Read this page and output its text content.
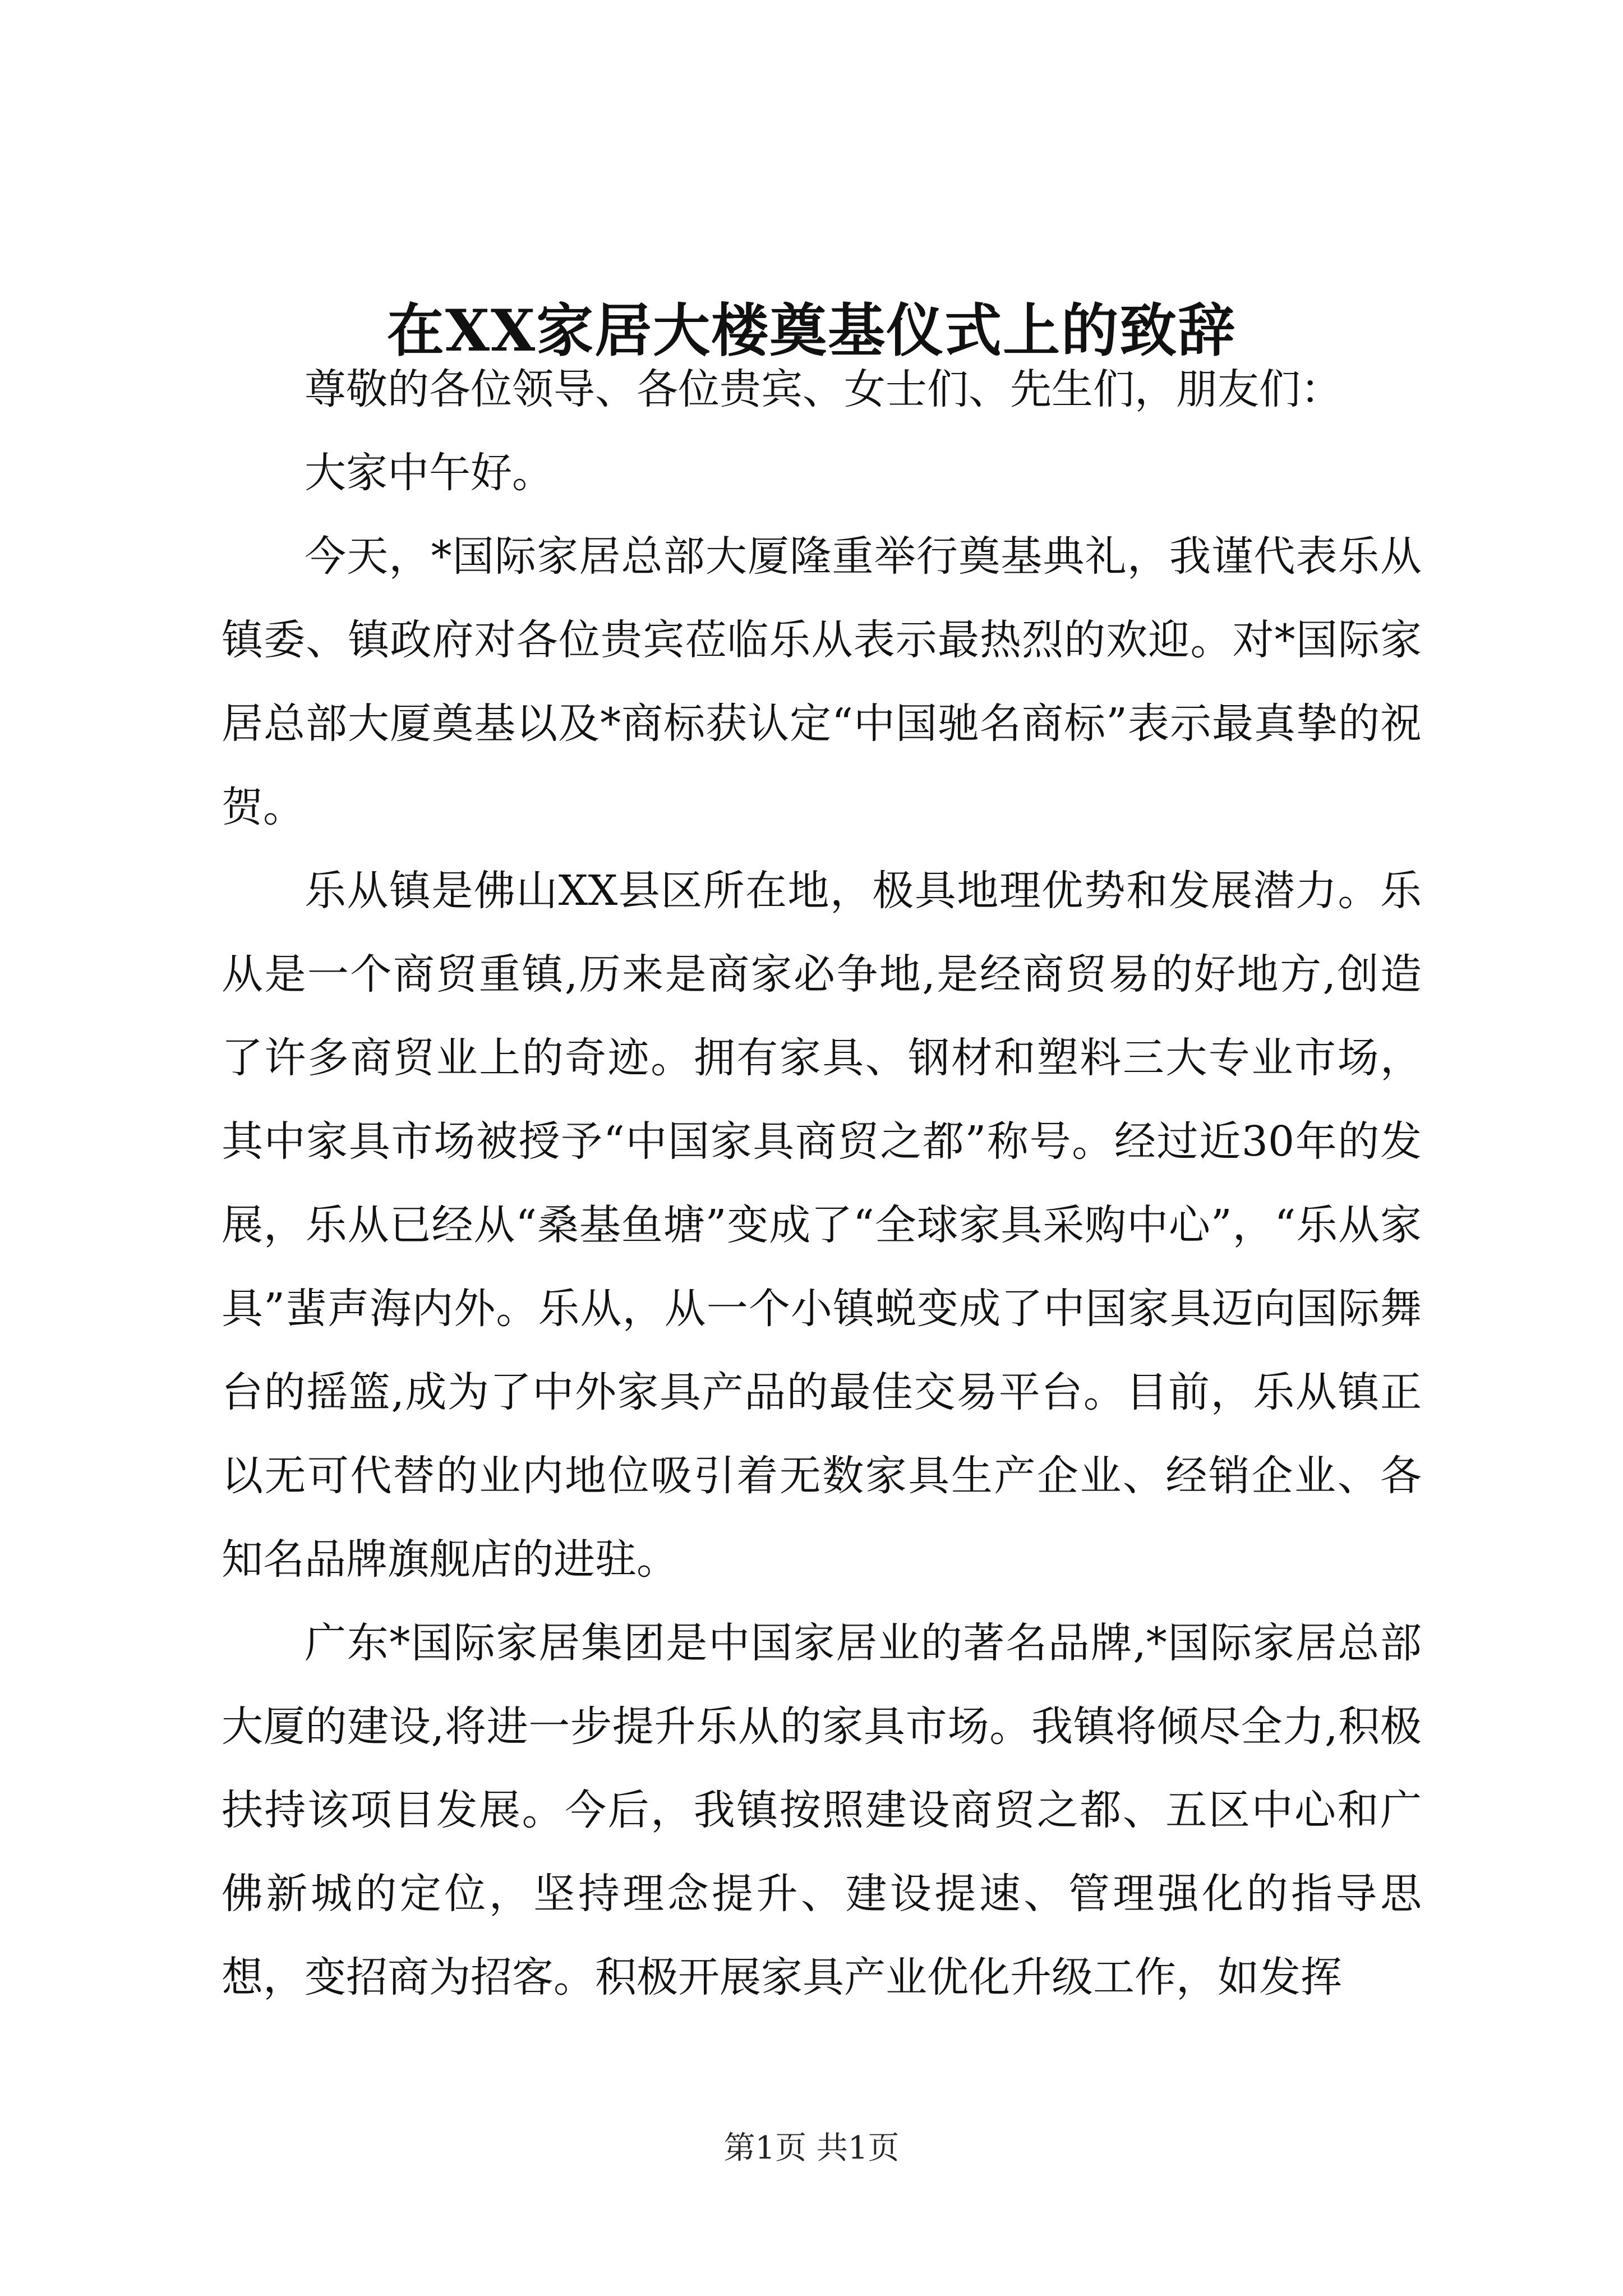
在XX家居大楼奠基仪式上的致辞

尊敬的各位领导、各位贵宾、女士们、先生们，朋友们：

大家中午好。

今天，*国际家居总部大厦隆重举行奠基典礼，我谨代表乐从镇委、镇政府对各位贵宾莅临乐从表示最热烈的欢迎。对*国际家居总部大厦奠基以及*商标获认定“中国驰名商标”表示最真挚的祝贺。

乐从镇是佛山XX县区所在地，极具地理优势和发展潜力。乐从是一个商贸重镇,历来是商家必争地,是经商贸易的好地方,创造了许多商贸业上的奇迹。拥有家具、钢材和塑料三大专业市场，其中家具市场被授予“中国家具商贸之都”称号。经过近30年的发展，乐从已经从“桑基鱼塘”变成了“全球家具采购中心”，“乐从家具”蜚声海内外。乐从，从一个小镇蜕变成了中国家具迈向国际舞台的摇篮,成为了中外家具产品的最佳交易平台。目前，乐从镇正以无可代替的业内地位吸引着无数家具生产企业、经销企业、各知名品牌旗舰店的进驻。

广东*国际家居集团是中国家居业的著名品牌,*国际家居总部大厦的建设,将进一步提升乐从的家具市场。我镇将倾尽全力,积极扶持该项目发展。今后，我镇按照建设商贸之都、五区中心和广佛新城的定位，坚持理念提升、建设提速、管理强化的指导思想，变招商为招客。积极开展家具产业优化升级工作，如发挥

第1页 共1页
